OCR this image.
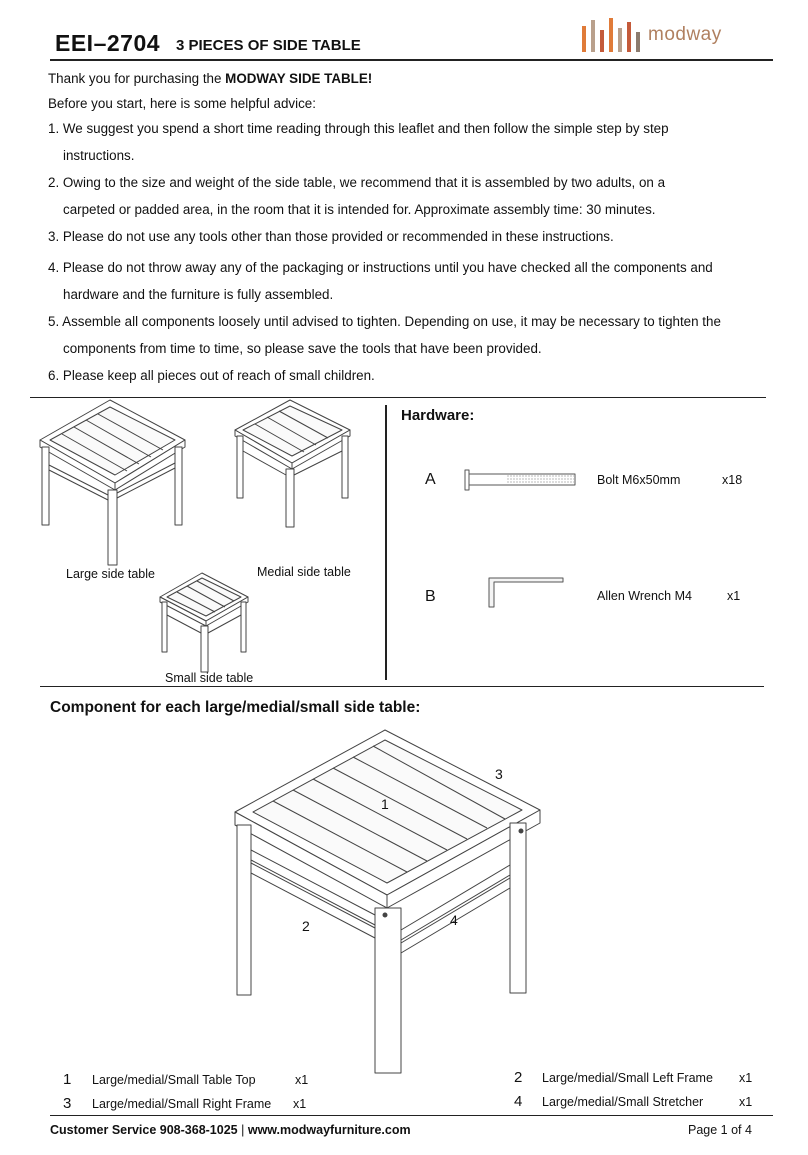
EEI–2704 3 PIECES OF SIDE TABLE
modway
Thank you for purchasing the MODWAY SIDE TABLE!
Before you start, here is some helpful advice:
1. We suggest you spend a short time reading through this leaflet and then follow the simple step by step
instructions.
2. Owing to the size and weight of the side table, we recommend that it is assembled by two adults, on a
carpeted or padded area, in the room that it is intended for. Approximate assembly time: 30 minutes.
3. Please do not use any tools other than those provided or recommended in these instructions.
4. Please do not throw away any of the packaging or instructions until you have checked all the components and
hardware and the furniture is fully assembled.
5. Assemble all components loosely until advised to tighten. Depending on use, it may be necessary to tighten the
components from time to time, so please save the tools that have been provided.
6. Please keep all pieces out of reach of small children.
Large side table	Medial side table
Small side table
Hardware:
A	Bolt M6x50mm	x18
B	Allen Wrench M4	x1
Component for each large/medial/small side table:
1
2
3
4
1 Large/medial/Small Table Top	x1	2 Large/medial/Small Left Frame x1
3 Large/medial/Small Right Frame x1	4 Large/medial/Small Stretcher	x1
Customer Service 908-368-1025 | www.modwayfurniture.com	Page 1 of 4
